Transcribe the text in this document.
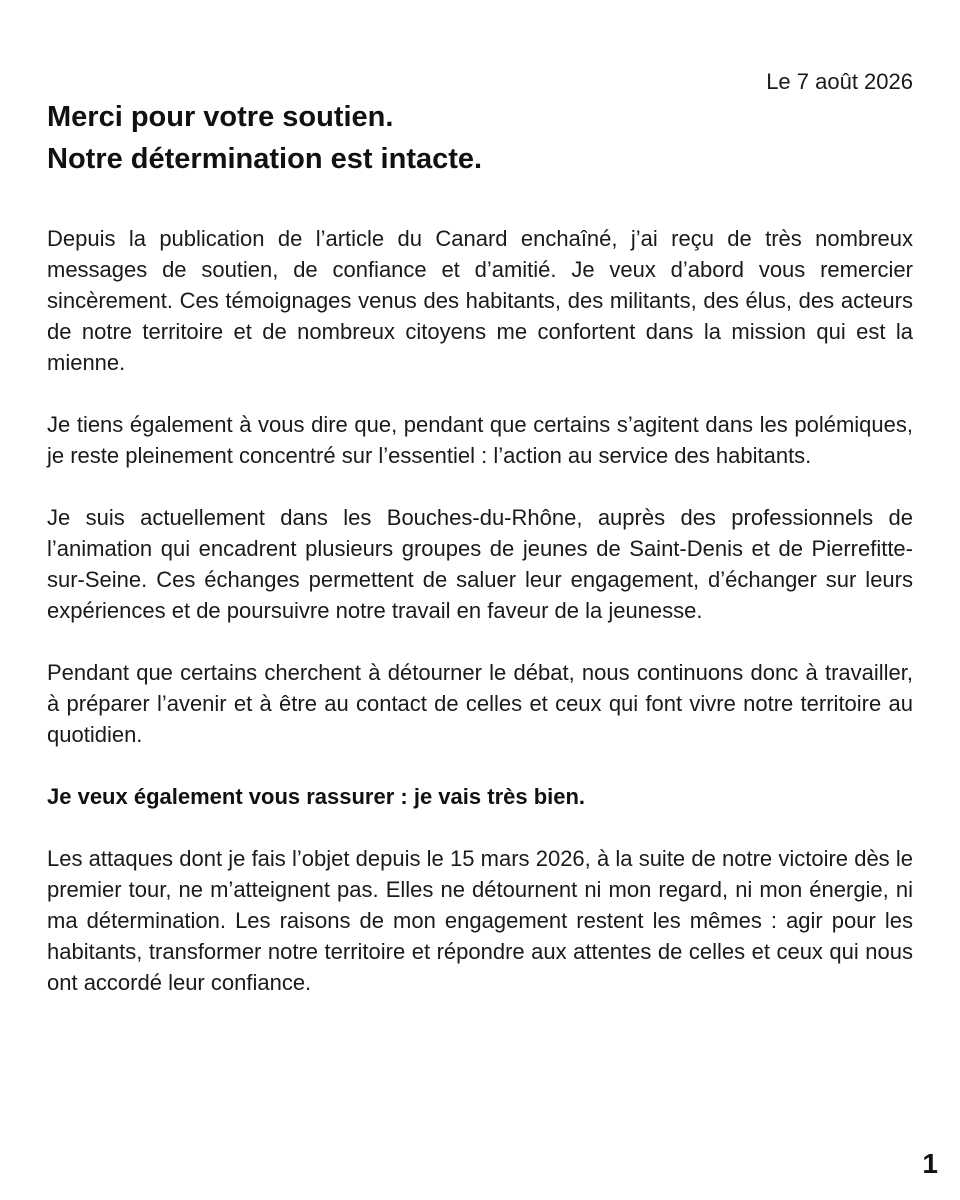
Le 7 août 2026
Merci pour votre soutien.
Notre détermination est intacte.

Depuis la publication de l’article du Canard enchaîné, j’ai reçu de très nombreux messages de soutien, de confiance et d’amitié. Je veux d’abord vous remercier sincèrement. Ces témoignages venus des habitants, des militants, des élus, des acteurs de notre territoire et de nombreux citoyens me confortent dans la mission qui est la mienne.

Je tiens également à vous dire que, pendant que certains s’agitent dans les polémiques, je reste pleinement concentré sur l’essentiel : l’action au service des habitants.

Je suis actuellement dans les Bouches-du-Rhône, auprès des professionnels de l’animation qui encadrent plusieurs groupes de jeunes de Saint-Denis et de Pierrefitte-sur-Seine. Ces échanges permettent de saluer leur engagement, d’échanger sur leurs expériences et de poursuivre notre travail en faveur de la jeunesse.

Pendant que certains cherchent à détourner le débat, nous continuons donc à travailler, à préparer l’avenir et à être au contact de celles et ceux qui font vivre notre territoire au quotidien.

Je veux également vous rassurer : je vais très bien.

Les attaques dont je fais l’objet depuis le 15 mars 2026, à la suite de notre victoire dès le premier tour, ne m’atteignent pas. Elles ne détournent ni mon regard, ni mon énergie, ni ma détermination. Les raisons de mon engagement restent les mêmes : agir pour les habitants, transformer notre territoire et répondre aux attentes de celles et ceux qui nous ont accordé leur confiance.

1
